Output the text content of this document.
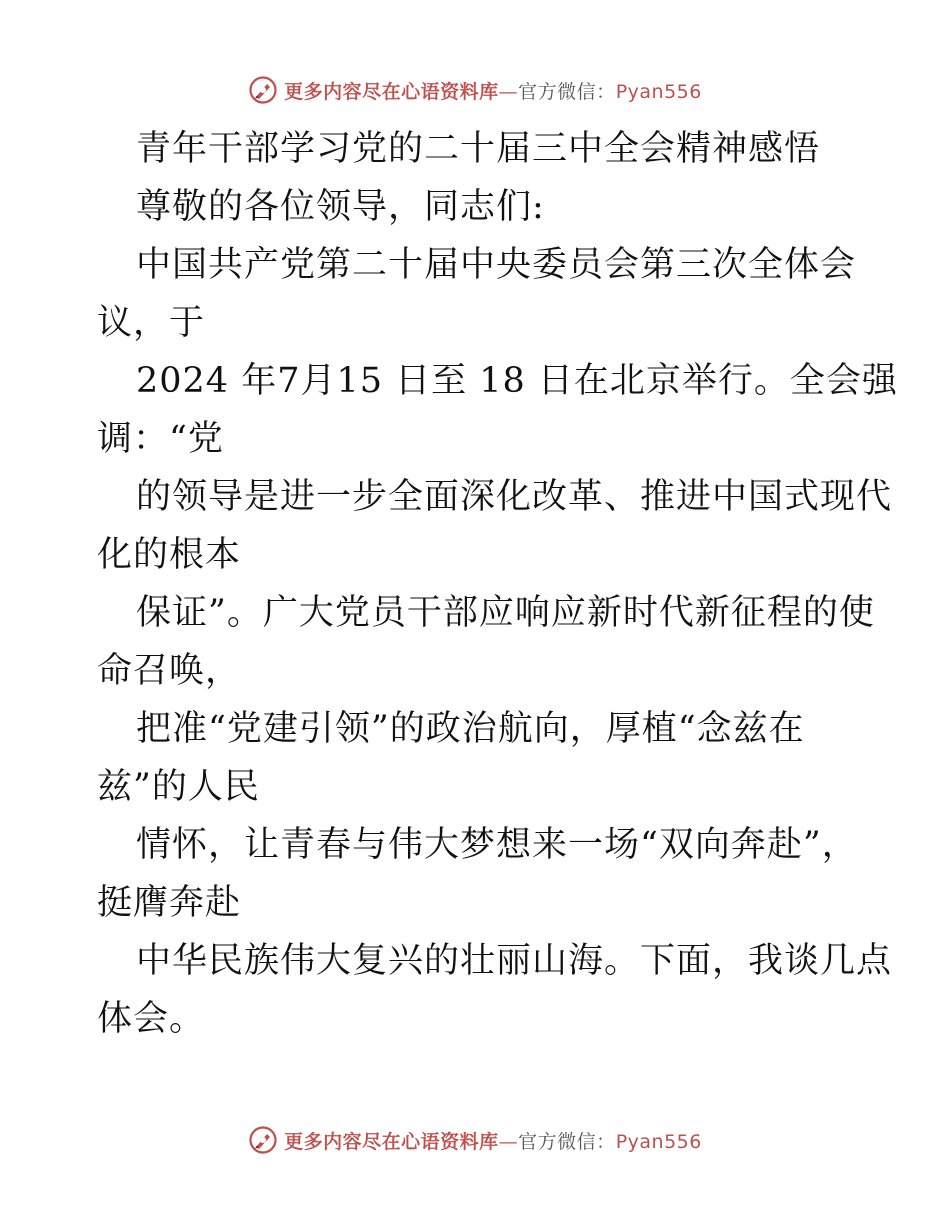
更多内容尽在心语资料库—官方微信：Pyan556
青年干部学习党的二十届三中全会精神感悟
尊敬的各位领导，同志们:
中国共产党第二十届中央委员会第三次全体会
议，于
2024 年7月15 日至 18 日在北京举行。全会强
调：“党
的领导是进一步全面深化改革、推进中国式现代
化的根本
保证”。广大党员干部应响应新时代新征程的使
命召唤，
把准“党建引领”的政治航向，厚植“念兹在
兹”的人民
情怀，让青春与伟大梦想来一场“双向奔赴”，
挺膺奔赴
中华民族伟大复兴的壮丽山海。下面，我谈几点
体会。
更多内容尽在心语资料库—官方微信：Pyan556
